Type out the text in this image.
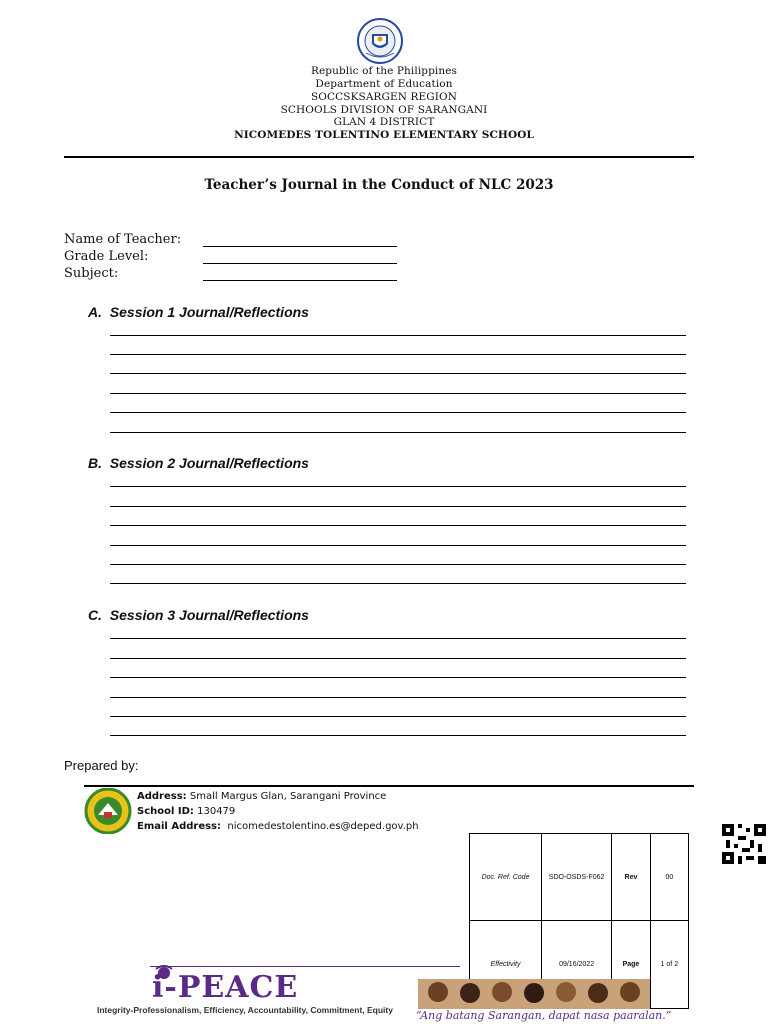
Republic of the Philippines
Department of Education
SOCCSKSARGEN REGION
SCHOOLS DIVISION OF SARANGANI
GLAN 4 DISTRICT
NICOMEDES TOLENTINO ELEMENTARY SCHOOL
Teacher’s Journal in the Conduct of NLC 2023
Name of Teacher:
Grade Level:
Subject:
A. Session 1 Journal/Reflections
B. Session 2 Journal/Reflections
C. Session 3 Journal/Reflections
Prepared by:
Address: Small Margus Glan, Sarangani Province
School ID: 130479
Email Address: nicomedestolentino.es@deped.gov.ph
Doc. Ref. Code	SDO-OSDS-F062	Rev	00
Effectivity	09/16/2022	Page	1 of 2
i-PEACE
Integrity-Professionalism, Efficiency, Accountability, Commitment, Equity “Ang batang Sarangan, dapat nasa paaralan.”
